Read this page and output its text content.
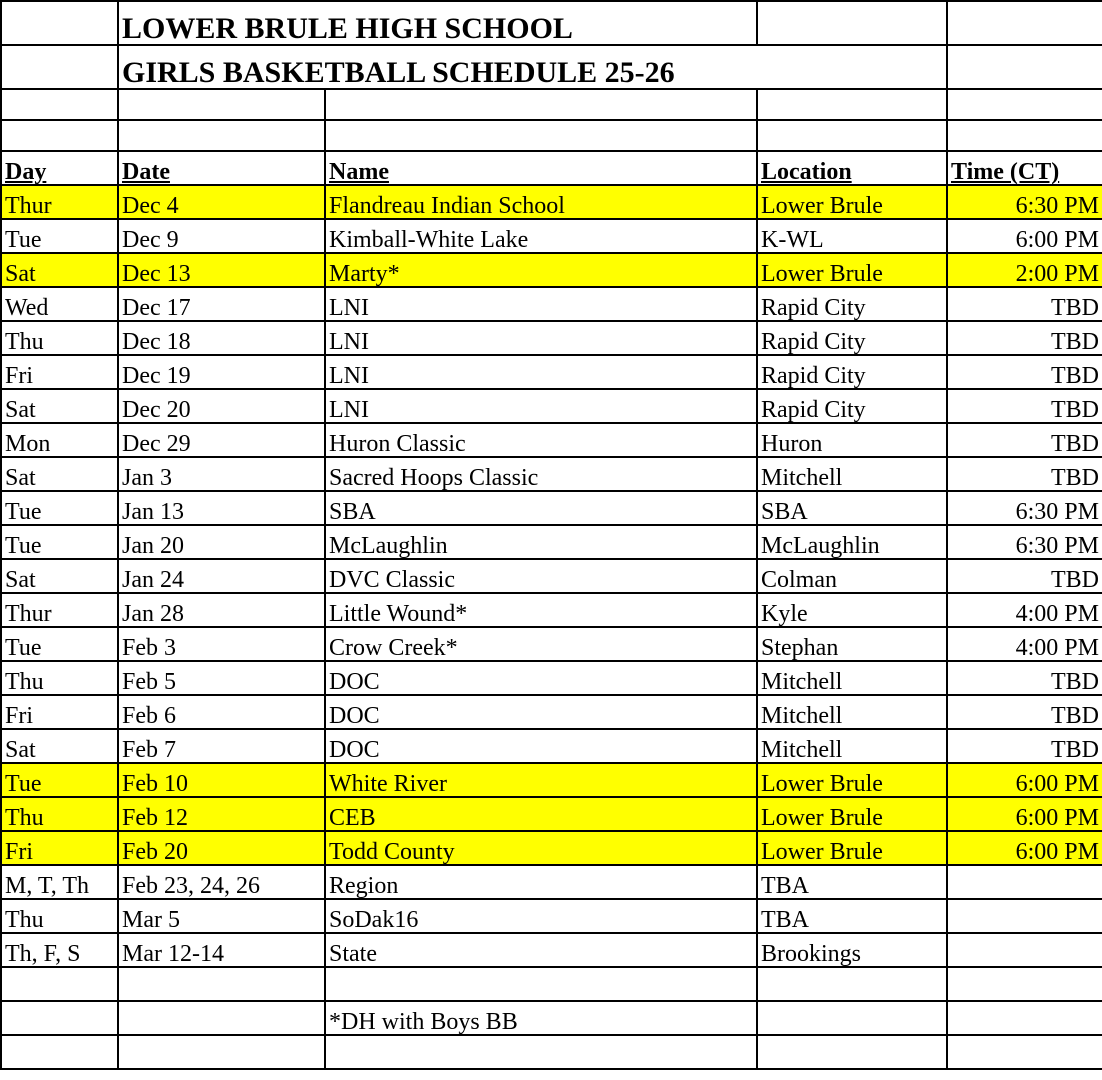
	LOWER BRULE HIGH SCHOOL			
	GIRLS BASKETBALL SCHEDULE 25-26			

Day	Date	Name	Location	Time (CT)
Thur	Dec 4	Flandreau Indian School	Lower Brule	6:30 PM
Tue	Dec 9	Kimball-White Lake	K-WL	6:00 PM
Sat	Dec 13	Marty*	Lower Brule	2:00 PM
Wed	Dec 17	LNI	Rapid City	TBD
Thu	Dec 18	LNI	Rapid City	TBD
Fri	Dec 19	LNI	Rapid City	TBD
Sat	Dec 20	LNI	Rapid City	TBD
Mon	Dec 29	Huron Classic	Huron	TBD
Sat	Jan 3	Sacred Hoops Classic	Mitchell	TBD
Tue	Jan 13	SBA	SBA	6:30 PM
Tue	Jan 20	McLaughlin	McLaughlin	6:30 PM
Sat	Jan 24	DVC Classic	Colman	TBD
Thur	Jan 28	Little Wound*	Kyle	4:00 PM
Tue	Feb 3	Crow Creek*	Stephan	4:00 PM
Thu	Feb 5	DOC	Mitchell	TBD
Fri	Feb 6	DOC	Mitchell	TBD
Sat	Feb 7	DOC	Mitchell	TBD
Tue	Feb 10	White River	Lower Brule	6:00 PM
Thu	Feb 12	CEB	Lower Brule	6:00 PM
Fri	Feb 20	Todd County	Lower Brule	6:00 PM
M, T, Th	Feb 23, 24, 26	Region	TBA	
Thu	Mar 5	SoDak16	TBA	
Th, F, S	Mar 12-14	State	Brookings	

		*DH with Boys BB		
